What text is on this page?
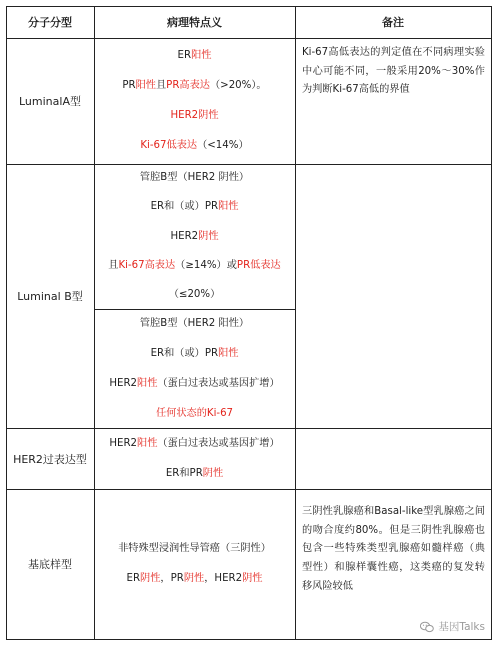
分子分型	病理特点义	备注
LuminalA型
Luminal B型
HER2过表达型
基底样型
ER阳性
PR阳性且PR高表达（>20%）。
HER2阴性
Ki-67低表达（<14%）
管腔B型（HER2 阴性）
ER和（或）PR阳性
HER2阴性
且Ki-67高表达（≥14%）或PR低表达
（≤20%）
管腔B型（HER2 阳性）
ER和（或）PR阳性
HER2阳性（蛋白过表达或基因扩增）
任何状态的Ki-67
HER2阳性（蛋白过表达或基因扩增）
ER和PR阴性
非特殊型浸润性导管癌（三阴性）
ER阴性，PR阴性，HER2阴性
Ki-67高低表达的判定值在不同病理实验中心可能不同，一般采用20%～30%作为判断Ki-67高低的界值
三阴性乳腺癌和Basal-like型乳腺癌之间的吻合度约80%。但是三阴性乳腺癌也包含一些特殊类型乳腺癌如髓样癌（典型性）和腺样囊性癌，这类癌的复发转移风险较低
基因Talks
